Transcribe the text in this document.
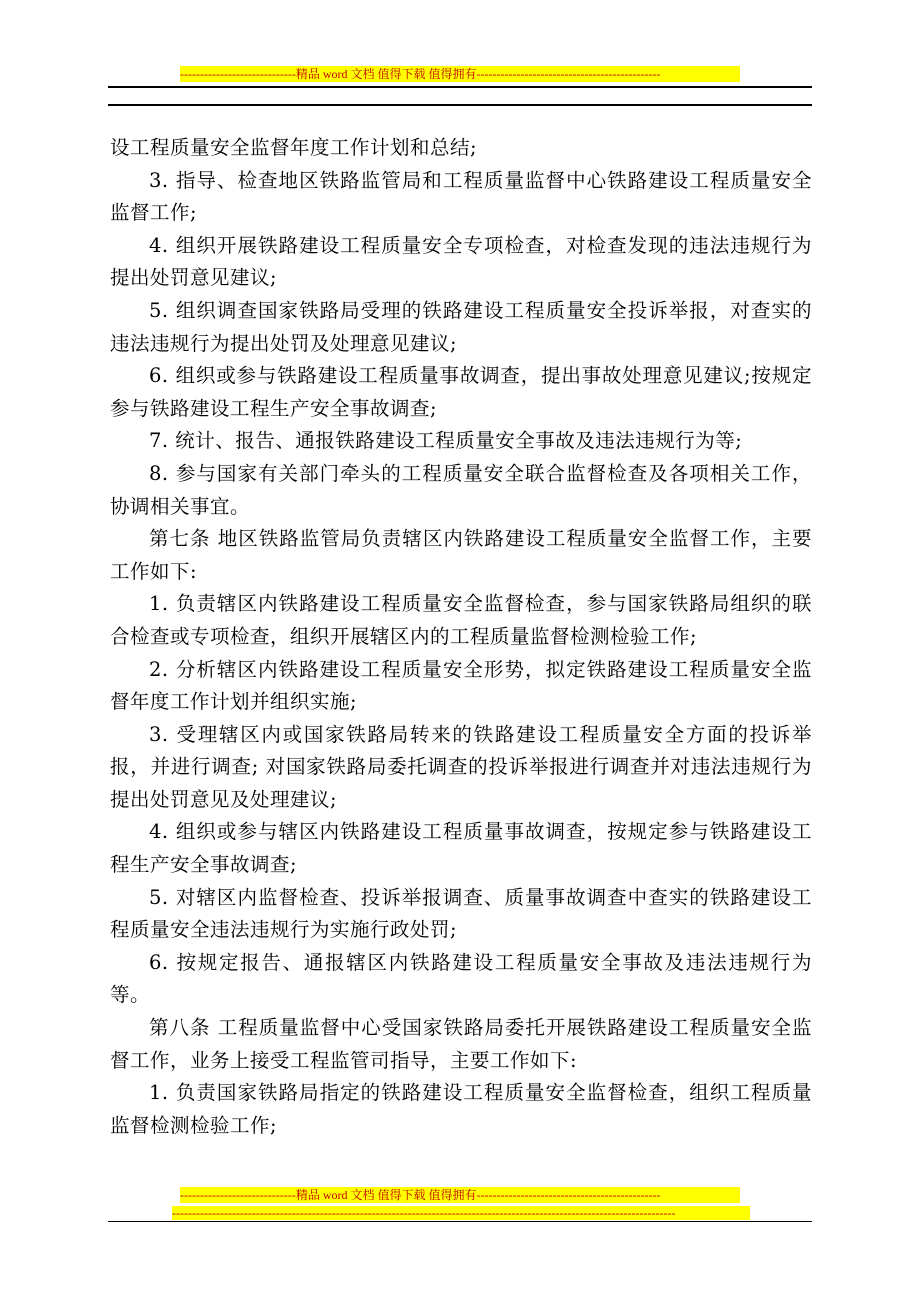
-----------------------------精品 word 文档 值得下载 值得拥有----------------------------------------------

设工程质量安全监督年度工作计划和总结;

3. 指导、检查地区铁路监管局和工程质量监督中心铁路建设工程质量安全监督工作;

4. 组织开展铁路建设工程质量安全专项检查，对检查发现的违法违规行为提出处罚意见建议;

5. 组织调查国家铁路局受理的铁路建设工程质量安全投诉举报，对查实的违法违规行为提出处罚及处理意见建议;

6. 组织或参与铁路建设工程质量事故调查，提出事故处理意见建议;按规定参与铁路建设工程生产安全事故调查;

7. 统计、报告、通报铁路建设工程质量安全事故及违法违规行为等;

8. 参与国家有关部门牵头的工程质量安全联合监督检查及各项相关工作，协调相关事宜。

第七条 地区铁路监管局负责辖区内铁路建设工程质量安全监督工作，主要工作如下:

1. 负责辖区内铁路建设工程质量安全监督检查，参与国家铁路局组织的联合检查或专项检查，组织开展辖区内的工程质量监督检测检验工作;

2. 分析辖区内铁路建设工程质量安全形势，拟定铁路建设工程质量安全监督年度工作计划并组织实施;

3. 受理辖区内或国家铁路局转来的铁路建设工程质量安全方面的投诉举报，并进行调查; 对国家铁路局委托调查的投诉举报进行调查并对违法违规行为提出处罚意见及处理建议;

4. 组织或参与辖区内铁路建设工程质量事故调查，按规定参与铁路建设工程生产安全事故调查;

5. 对辖区内监督检查、投诉举报调查、质量事故调查中查实的铁路建设工程质量安全违法违规行为实施行政处罚;

6. 按规定报告、通报辖区内铁路建设工程质量安全事故及违法违规行为等。

第八条 工程质量监督中心受国家铁路局委托开展铁路建设工程质量安全监督工作，业务上接受工程监管司指导，主要工作如下:

1. 负责国家铁路局指定的铁路建设工程质量安全监督检查，组织工程质量监督检测检验工作;

-----------------------------精品 word 文档 值得下载 值得拥有----------------------------------------------
------------------------------------------------------------------------------------------------------------------------------
